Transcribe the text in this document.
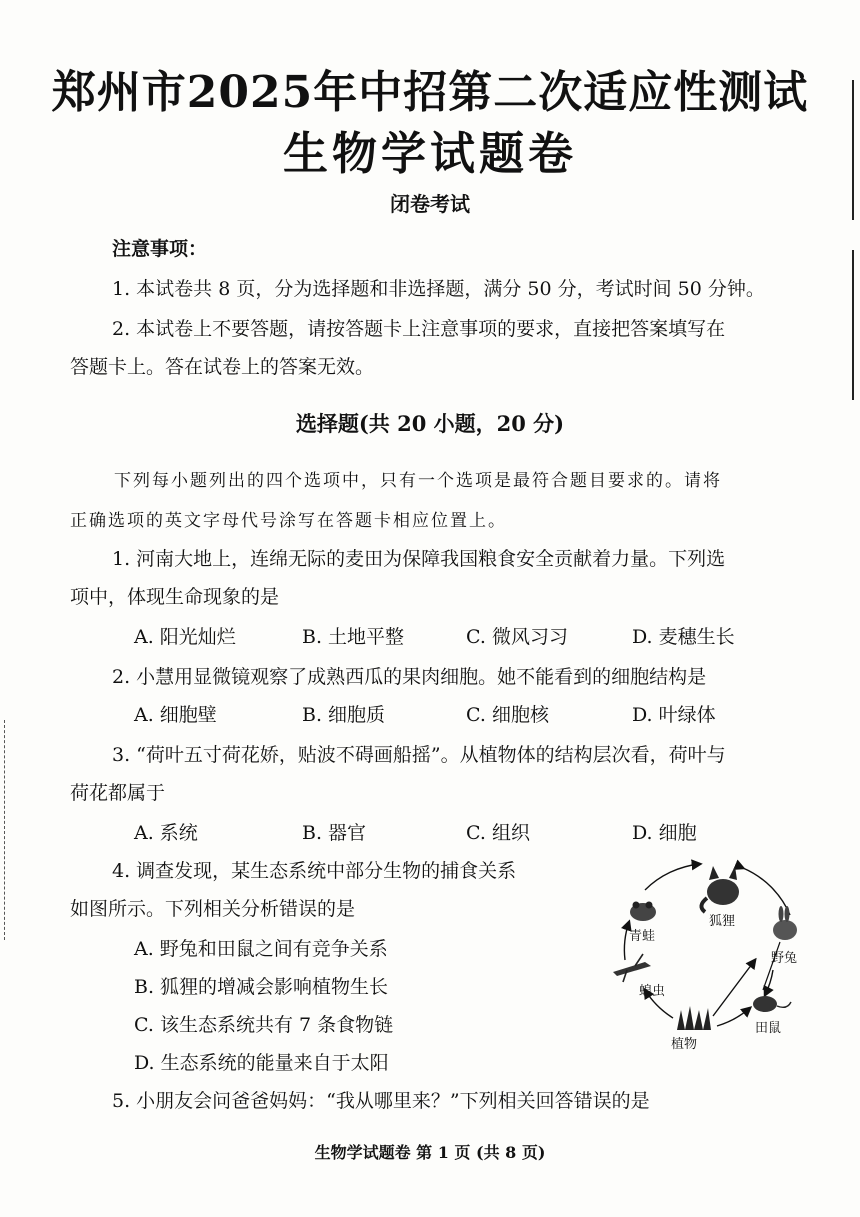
郑州市2025年中招第二次适应性测试
生物学试题卷
闭卷考试
注意事项：
1. 本试卷共 8 页，分为选择题和非选择题，满分 50 分，考试时间 50 分钟。
2. 本试卷上不要答题，请按答题卡上注意事项的要求，直接把答案填写在
答题卡上。答在试卷上的答案无效。
选择题(共 20 小题，20 分)
下列每小题列出的四个选项中，只有一个选项是最符合题目要求的。请将
正确选项的英文字母代号涂写在答题卡相应位置上。
1. 河南大地上，连绵无际的麦田为保障我国粮食安全贡献着力量。下列选
项中，体现生命现象的是
A. 阳光灿烂	B. 土地平整	C. 微风习习	D. 麦穗生长
2. 小慧用显微镜观察了成熟西瓜的果肉细胞。她不能看到的细胞结构是
A. 细胞壁	B. 细胞质	C. 细胞核	D. 叶绿体
3. “荷叶五寸荷花娇，贴波不碍画船摇”。从植物体的结构层次看，荷叶与
荷花都属于
A. 系统	B. 器官	C. 组织	D. 细胞
4. 调查发现，某生态系统中部分生物的捕食关系
如图所示。下列相关分析错误的是
A. 野兔和田鼠之间有竞争关系
B. 狐狸的增减会影响植物生长
C. 该生态系统共有 7 条食物链
D. 生态系统的能量来自于太阳
5. 小朋友会问爸爸妈妈：“我从哪里来？”下列相关回答错误的是
狐狸
青蛙
野兔
蝗虫
田鼠
植物
生物学试题卷 第 1 页 (共 8 页)
